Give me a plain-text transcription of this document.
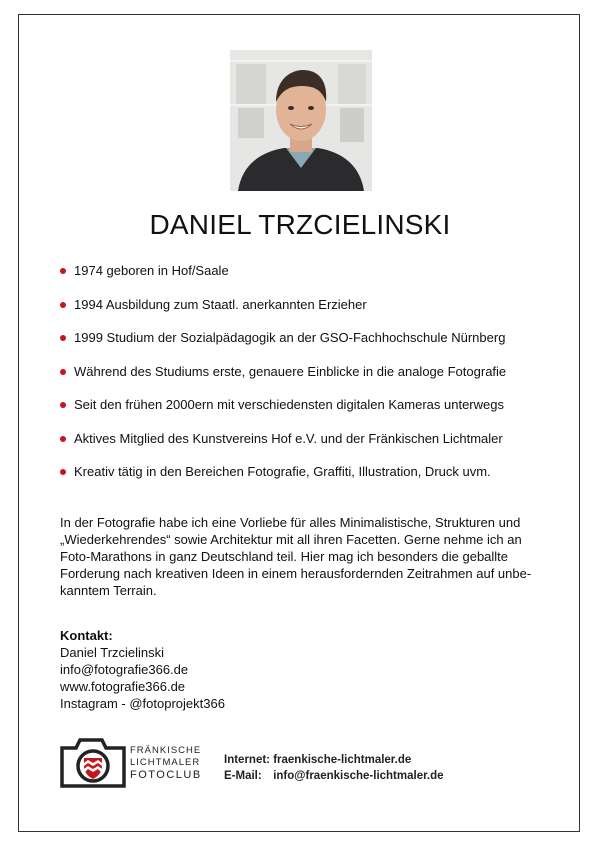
DANIEL TRZCIELINSKI
1974 geboren in Hof/Saale
1994 Ausbildung zum Staatl. anerkannten Erzieher
1999 Studium der Sozialpädagogik an der GSO-Fachhochschule Nürnberg
Während des Studiums erste, genauere Einblicke in die analoge Fotografie
Seit den frühen 2000ern mit verschiedensten digitalen Kameras unterwegs
Aktives Mitglied des Kunstvereins Hof e.V. und der Fränkischen Lichtmaler
Kreativ tätig in den Bereichen Fotografie, Graffiti, Illustration, Druck uvm.

In der Fotografie habe ich eine Vorliebe für alles Minimalistische, Strukturen und
„Wiederkehrendes“ sowie Architektur mit all ihren Facetten. Gerne nehme ich an
Foto-Marathons in ganz Deutschland teil. Hier mag ich besonders die geballte
Forderung nach kreativen Ideen in einem herausfordernden Zeitrahmen auf unbe-
kanntem Terrain.

Kontakt:
Daniel Trzcielinski
info@fotografie366.de
www.fotografie366.de
Instagram - @fotoprojekt366
FRÄNKISCHE
LICHTMALER
FOTOCLUB
Internet: fraenkische-lichtmaler.de
E-Mail: info@fraenkische-lichtmaler.de
